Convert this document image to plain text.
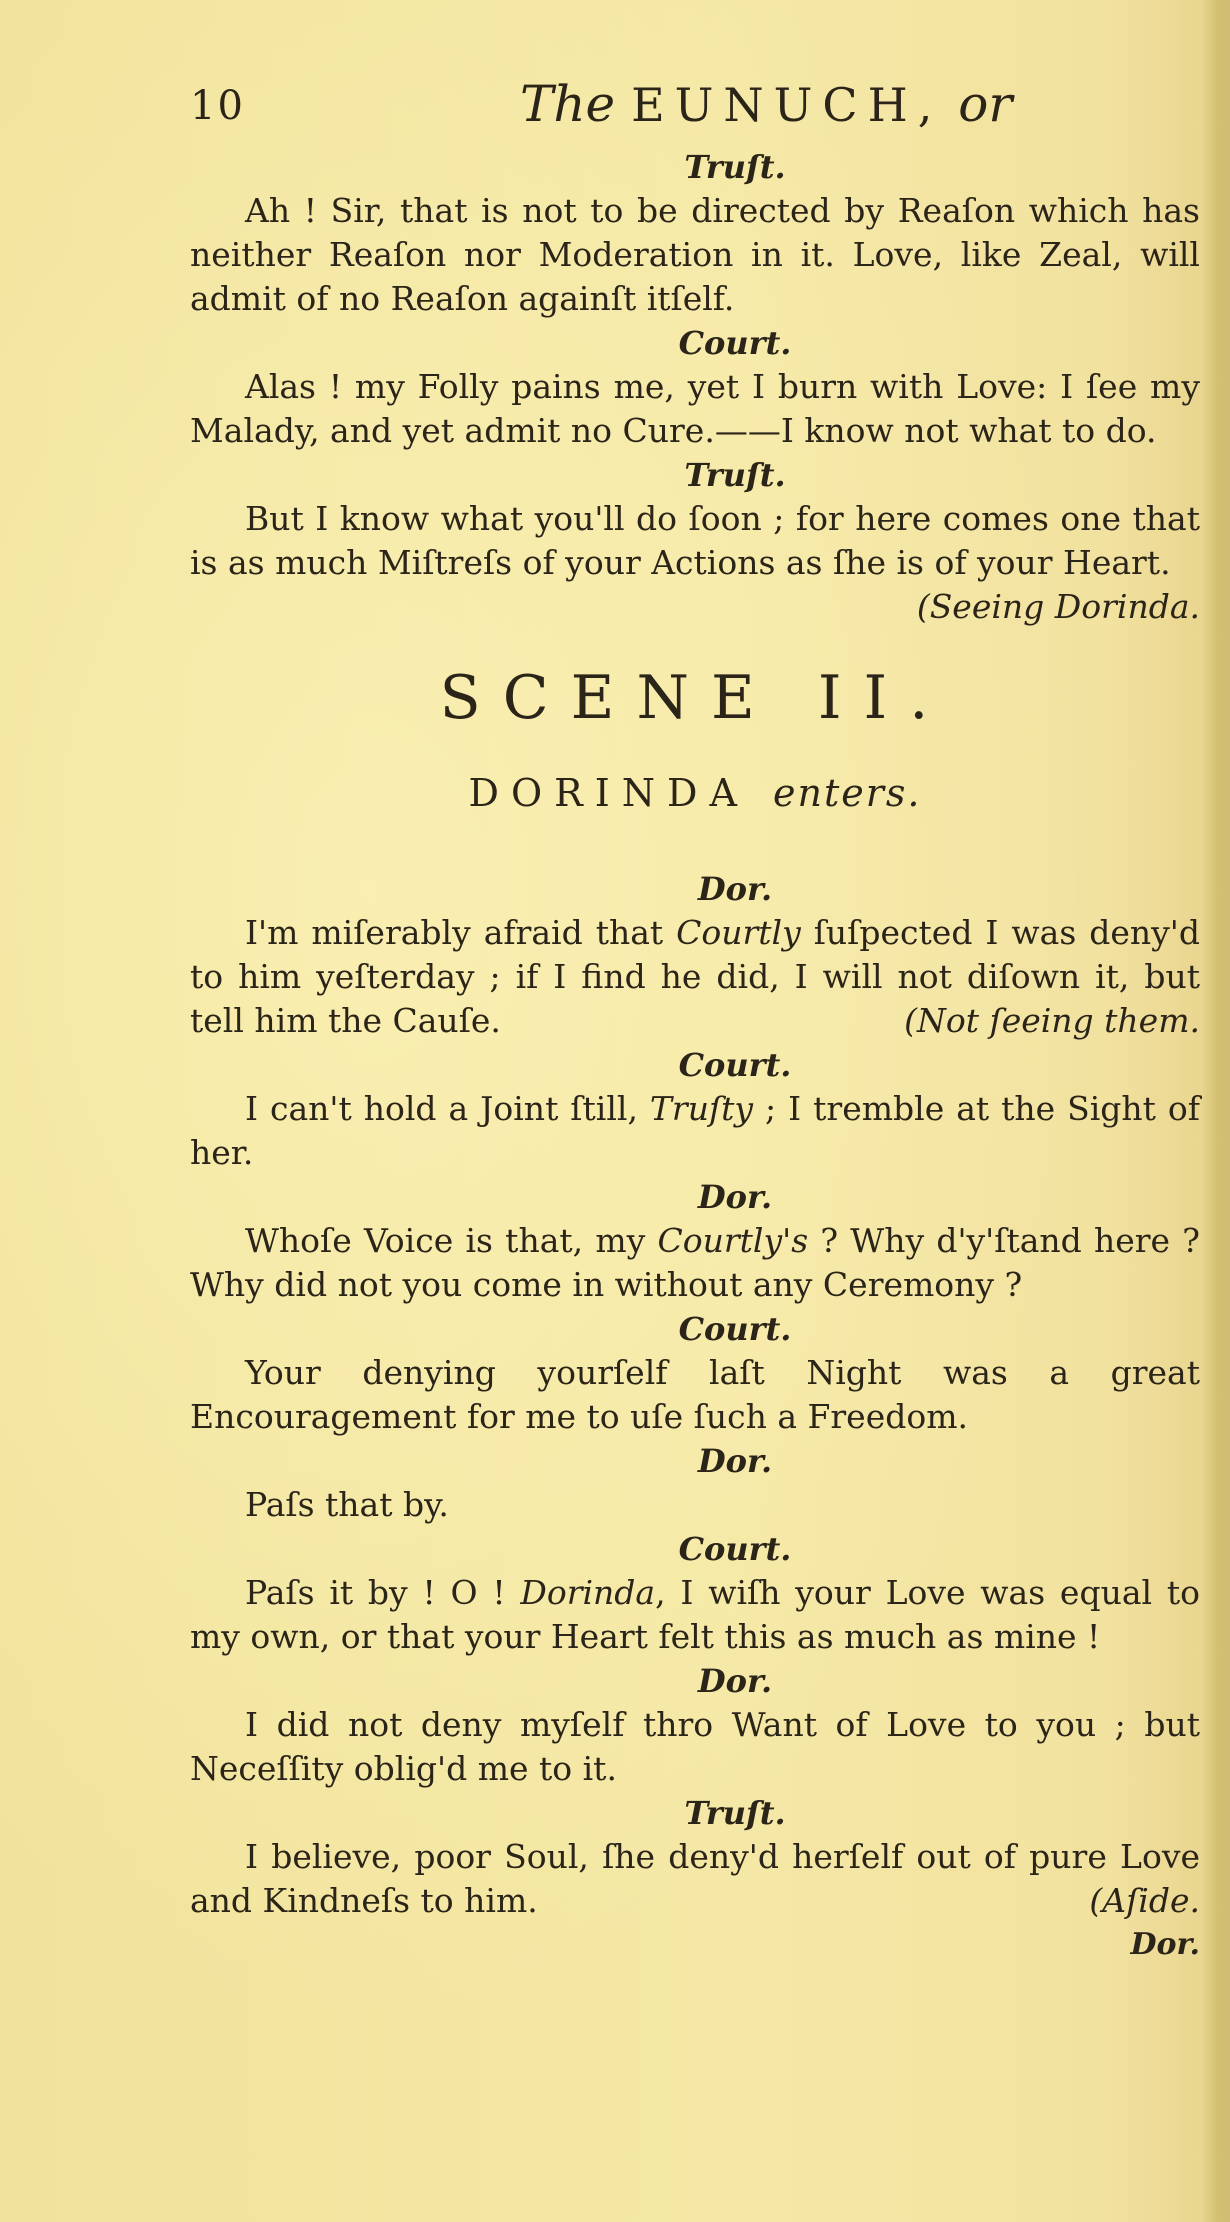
10	The EUNUCH, or
Truſt.

Ah ! Sir, that is not to be directed by Reaſon which has neither Reaſon nor Moderation in it. Love, like Zeal, will admit of no Reaſon againſt itſelf.

Court.

Alas ! my Folly pains me, yet I burn with Love: I ſee my Malady, and yet admit no Cure.——I know not what to do.

Truſt.

But I know what you'll do ſoon ; for here comes one that is as much Miſtreſs of your Actions as ſhe is of your Heart.
(Seeing Dorinda.

SCENE II.
DORINDA enters.
Dor.

I'm miſerably afraid that Courtly ſuſpected I was deny'd to him yeſterday ; if I find he did, I will not diſown it, but tell him the Cauſe.	(Not ſeeing them.

Court.

I can't hold a Joint ſtill, Truſty ; I tremble at the Sight of her.

Dor.

Whoſe Voice is that, my Courtly's ? Why d'y'ſtand here ? Why did not you come in without any Ceremony ?

Court.

Your denying yourſelf laſt Night was a great Encouragement for me to uſe ſuch a Freedom.

Dor.

Paſs that by.

Court.

Paſs it by ! O ! Dorinda, I wiſh your Love was equal to my own, or that your Heart felt this as much as mine !

Dor.

I did not deny myſelf thro Want of Love to you ; but Neceſſity oblig'd me to it.

Truſt.

I believe, poor Soul, ſhe deny'd herſelf out of pure Love and Kindneſs to him.	(Aſide.

Dor.
